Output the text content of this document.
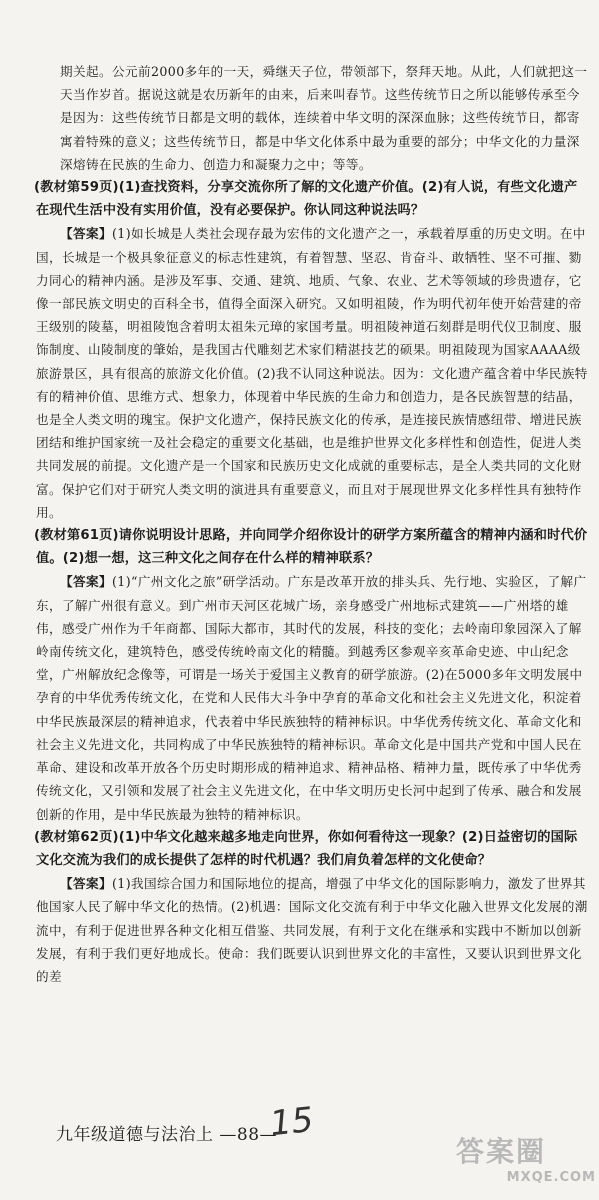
期关起。公元前2000多年的一天，舜继天子位，带领部下，祭拜天地。从此，人们就把这一天当作岁首。据说这就是农历新年的由来，后来叫春节。这些传统节日之所以能够传承至今是因为：这些传统节日都是文明的载体，连续着中华文明的深深血脉；这些传统节日，都寄寓着特殊的意义；这些传统节日，都是中华文化体系中最为重要的部分；中华文化的力量深深熔铸在民族的生命力、创造力和凝聚力之中；等等。

(教材第59页)(1)查找资料，分享交流你所了解的文化遗产价值。(2)有人说，有些文化遗产在现代生活中没有实用价值，没有必要保护。你认同这种说法吗？

【答案】(1)如长城是人类社会现存最为宏伟的文化遗产之一，承载着厚重的历史文明。在中国，长城是一个极具象征意义的标志性建筑，有着智慧、坚忍、肯奋斗、敢牺牲、坚不可摧、勠力同心的精神内涵。是涉及军事、交通、建筑、地质、气象、农业、艺术等领域的珍贵遗存，它像一部民族文明史的百科全书，值得全面深入研究。又如明祖陵，作为明代初年使开始营建的帝王级别的陵墓，明祖陵饱含着明太祖朱元璋的家国考量。明祖陵神道石刻群是明代仪卫制度、服饰制度、山陵制度的肇始，是我国古代雕刻艺术家们精湛技艺的硕果。明祖陵现为国家AAAA级旅游景区，具有很高的旅游文化价值。(2)我不认同这种说法。因为：文化遗产蕴含着中华民族特有的精神价值、思维方式、想象力，体现着中华民族的生命力和创造力，是各民族智慧的结晶，也是全人类文明的瑰宝。保护文化遗产，保持民族文化的传承，是连接民族情感纽带、增进民族团结和维护国家统一及社会稳定的重要文化基础，也是维护世界文化多样性和创造性，促进人类共同发展的前提。文化遗产是一个国家和民族历史文化成就的重要标志，是全人类共同的文化财富。保护它们对于研究人类文明的演进具有重要意义，而且对于展现世界文化多样性具有独特作用。

(教材第61页)请你说明设计思路，并向同学介绍你设计的研学方案所蕴含的精神内涵和时代价值。(2)想一想，这三种文化之间存在什么样的精神联系？

【答案】(1)“广州文化之旅”研学活动。广东是改革开放的排头兵、先行地、实验区，了解广东，了解广州很有意义。到广州市天河区花城广场，亲身感受广州地标式建筑——广州塔的雄伟，感受广州作为千年商都、国际大都市，其时代的发展，科技的变化；去岭南印象园深入了解岭南传统文化，建筑特色，感受传统岭南文化的精髓。到越秀区参观辛亥革命史迹、中山纪念堂，广州解放纪念像等，可谓是一场关于爱国主义教育的研学旅游。(2)在5000多年文明发展中孕育的中华优秀传统文化，在党和人民伟大斗争中孕育的革命文化和社会主义先进文化，积淀着中华民族最深层的精神追求，代表着中华民族独特的精神标识。中华优秀传统文化、革命文化和社会主义先进文化，共同构成了中华民族独特的精神标识。革命文化是中国共产党和中国人民在革命、建设和改革开放各个历史时期形成的精神追求、精神品格、精神力量，既传承了中华优秀传统文化，又引领和发展了社会主义先进文化，在中华文明历史长河中起到了传承、融合和发展创新的作用，是中华民族最为独特的精神标识。

(教材第62页)(1)中华文化越来越多地走向世界，你如何看待这一现象？(2)日益密切的国际文化交流为我们的成长提供了怎样的时代机遇？我们肩负着怎样的文化使命？

【答案】(1)我国综合国力和国际地位的提高，增强了中华文化的国际影响力，激发了世界其他国家人民了解中华文化的热情。(2)机遇：国际文化交流有利于中华文化融入世界文化发展的潮流中，有利于促进世界各种文化相互借鉴、共同发展，有利于文化在继承和实践中不断加以创新发展，有利于我们更好地成长。使命：我们既要认识到世界文化的丰富性，又要认识到世界文化的差

九年级道德与法治上 —88—
15
答案圈
MXQE.COM
